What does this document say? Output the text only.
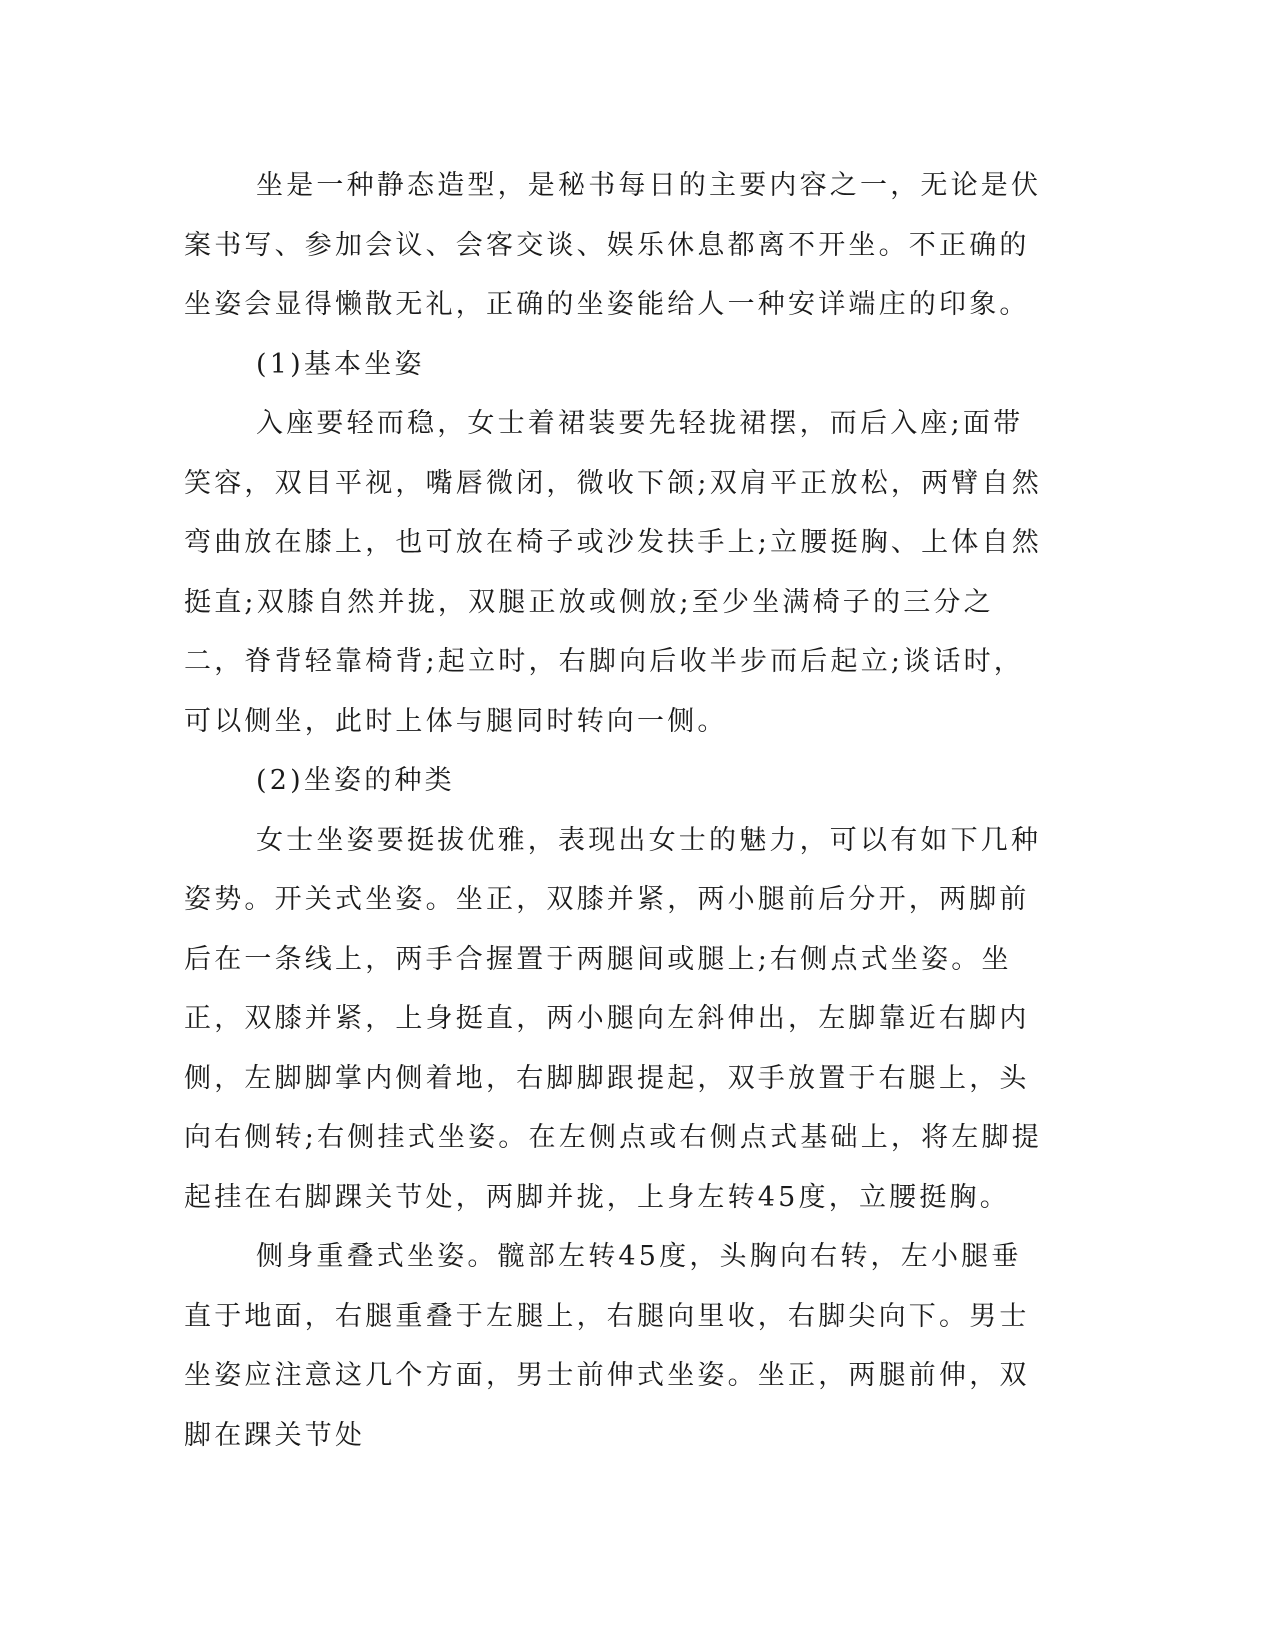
坐是一种静态造型，是秘书每日的主要内容之一，无论是伏案书写、参加会议、会客交谈、娱乐休息都离不开坐。不正确的坐姿会显得懒散无礼，正确的坐姿能给人一种安详端庄的印象。

(1)基本坐姿

入座要轻而稳，女士着裙装要先轻拢裙摆，而后入座;面带笑容，双目平视，嘴唇微闭，微收下颌;双肩平正放松，两臂自然弯曲放在膝上，也可放在椅子或沙发扶手上;立腰挺胸、上体自然挺直;双膝自然并拢，双腿正放或侧放;至少坐满椅子的三分之二，脊背轻靠椅背;起立时，右脚向后收半步而后起立;谈话时，可以侧坐，此时上体与腿同时转向一侧。

(2)坐姿的种类

女士坐姿要挺拔优雅，表现出女士的魅力，可以有如下几种姿势。开关式坐姿。坐正，双膝并紧，两小腿前后分开，两脚前后在一条线上，两手合握置于两腿间或腿上;右侧点式坐姿。坐正，双膝并紧，上身挺直，两小腿向左斜伸出，左脚靠近右脚内侧，左脚脚掌内侧着地，右脚脚跟提起，双手放置于右腿上，头向右侧转;右侧挂式坐姿。在左侧点或右侧点式基础上，将左脚提起挂在右脚踝关节处，两脚并拢，上身左转45度，立腰挺胸。

侧身重叠式坐姿。髋部左转45度，头胸向右转，左小腿垂直于地面，右腿重叠于左腿上，右腿向里收，右脚尖向下。男士坐姿应注意这几个方面，男士前伸式坐姿。坐正，两腿前伸，双脚在踝关节处
